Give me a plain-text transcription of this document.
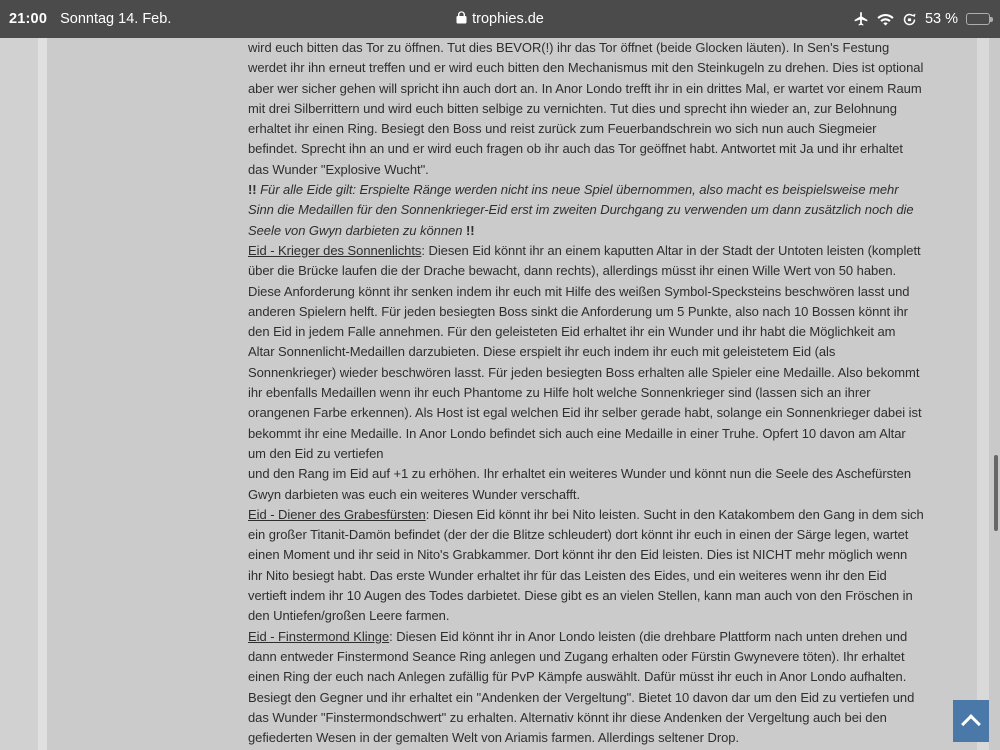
21:00 Sonntag 14. Feb.	trophies.de	53 %

wird euch bitten das Tor zu öffnen. Tut dies BEVOR(!) ihr das Tor öffnet (beide Glocken läuten). In Sen's Festung werdet ihr ihn erneut treffen und er wird euch bitten den Mechanismus mit den Steinkugeln zu drehen. Dies ist optional aber wer sicher gehen will spricht ihn auch dort an. In Anor Londo trefft ihr in ein drittes Mal, er wartet vor einem Raum mit drei Silberrittern und wird euch bitten selbige zu vernichten. Tut dies und sprecht ihn wieder an, zur Belohnung erhaltet ihr einen Ring. Besiegt den Boss und reist zurück zum Feuerbandschrein wo sich nun auch Siegmeier befindet. Sprecht ihn an und er wird euch fragen ob ihr auch das Tor geöffnet habt. Antwortet mit Ja und ihr erhaltet das Wunder "Explosive Wucht".

!! Für alle Eide gilt: Erspielte Ränge werden nicht ins neue Spiel übernommen, also macht es beispielsweise mehr Sinn die Medaillen für den Sonnenkrieger-Eid erst im zweiten Durchgang zu verwenden um dann zusätzlich noch die Seele von Gwyn darbieten zu können !!

Eid - Krieger des Sonnenlichts: Diesen Eid könnt ihr an einem kaputten Altar in der Stadt der Untoten leisten (komplett über die Brücke laufen die der Drache bewacht, dann rechts), allerdings müsst ihr einen Wille Wert von 50 haben. Diese Anforderung könnt ihr senken indem ihr euch mit Hilfe des weißen Symbol-Specksteins beschwören lasst und anderen Spielern helft. Für jeden besiegten Boss sinkt die Anforderung um 5 Punkte, also nach 10 Bossen könnt ihr den Eid in jedem Falle annehmen. Für den geleisteten Eid erhaltet ihr ein Wunder und ihr habt die Möglichkeit am Altar Sonnenlicht-Medaillen darzubieten. Diese erspielt ihr euch indem ihr euch mit geleistetem Eid (als Sonnenkrieger) wieder beschwören lasst. Für jeden besiegten Boss erhalten alle Spieler eine Medaille. Also bekommt ihr ebenfalls Medaillen wenn ihr euch Phantome zu Hilfe holt welche Sonnenkrieger sind (lassen sich an ihrer orangenen Farbe erkennen). Als Host ist egal welchen Eid ihr selber gerade habt, solange ein Sonnenkrieger dabei ist bekommt ihr eine Medaille. In Anor Londo befindet sich auch eine Medaille in einer Truhe. Opfert 10 davon am Altar um den Eid zu vertiefen
und den Rang im Eid auf +1 zu erhöhen. Ihr erhaltet ein weiteres Wunder und könnt nun die Seele des Aschefürsten Gwyn darbieten was euch ein weiteres Wunder verschafft.

Eid - Diener des Grabesfürsten: Diesen Eid könnt ihr bei Nito leisten. Sucht in den Katakombem den Gang in dem sich ein großer Titanit-Damön befindet (der der die Blitze schleudert) dort könnt ihr euch in einen der Särge legen, wartet einen Moment und ihr seid in Nito's Grabkammer. Dort könnt ihr den Eid leisten. Dies ist NICHT mehr möglich wenn ihr Nito besiegt habt. Das erste Wunder erhaltet ihr für das Leisten des Eides, und ein weiteres wenn ihr den Eid vertieft indem ihr 10 Augen des Todes darbietet. Diese gibt es an vielen Stellen, kann man auch von den Fröschen in den Untiefen/großen Leere farmen.

Eid - Finstermond Klinge: Diesen Eid könnt ihr in Anor Londo leisten (die drehbare Plattform nach unten drehen und dann entweder Finstermond Seance Ring anlegen und Zugang erhalten oder Fürstin Gwynevere töten). Ihr erhaltet einen Ring der euch nach Anlegen zufällig für PvP Kämpfe auswählt. Dafür müsst ihr euch in Anor Londo aufhalten. Besiegt den Gegner und ihr erhaltet ein "Andenken der Vergeltung". Bietet 10 davon dar um den Eid zu vertiefen und das Wunder "Finstermondschwert" zu erhalten. Alternativ könnt ihr diese Andenken der Vergeltung auch bei den gefiederten Wesen in der gemalten Welt von Ariamis farmen. Allerdings seltener Drop.
